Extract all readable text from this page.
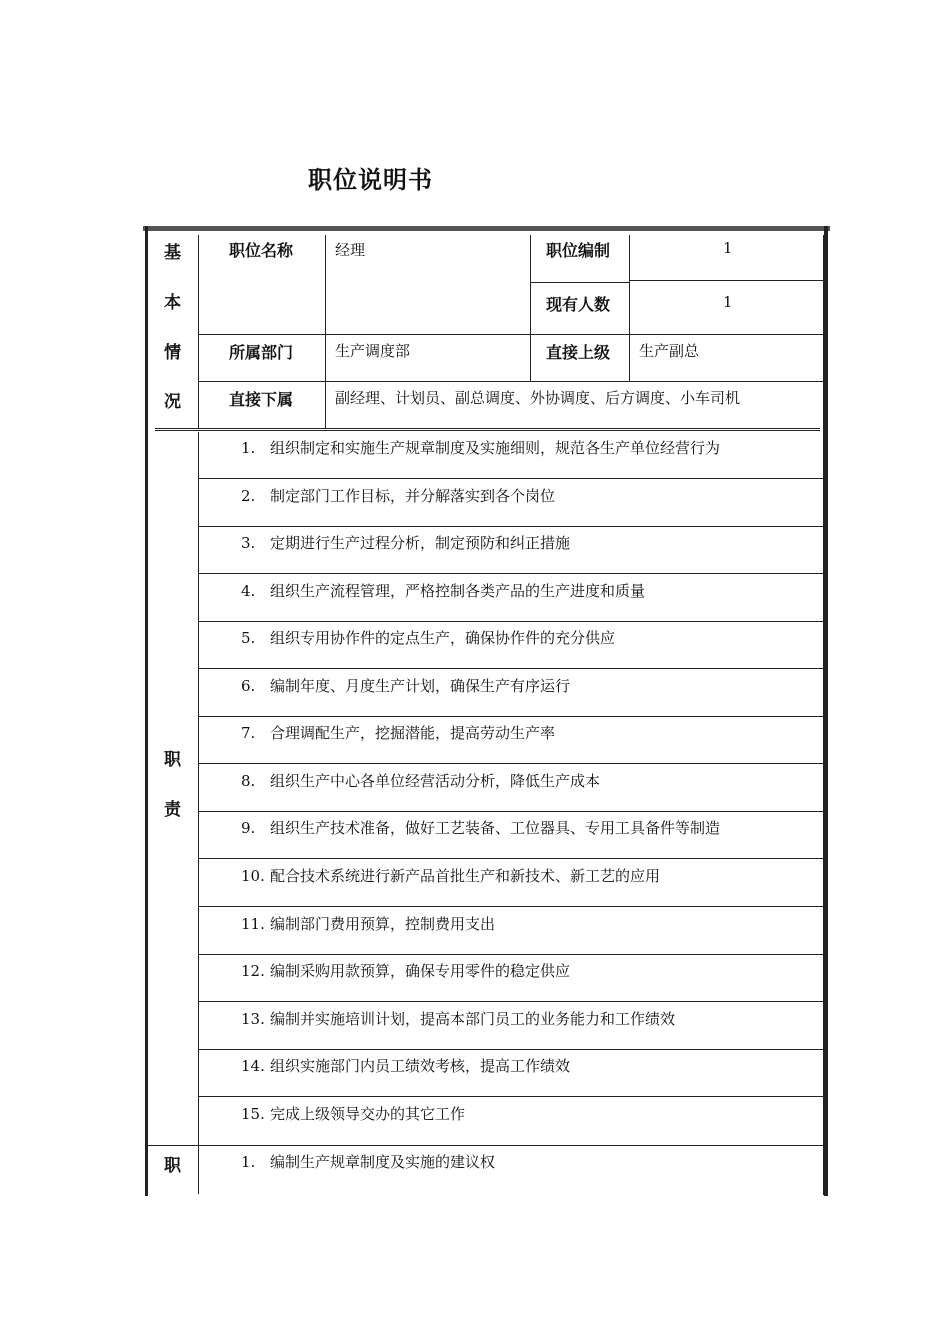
职位说明书
基
本
情
况
职位名称	经理	职位编制	1
现有人数	1
所属部门	生产调度部	直接上级 生产副总
直接下属	副经理、计划员、副总调度、外协调度、后方调度、小车司机
职
责
1. 组织制定和实施生产规章制度及实施细则，规范各生产单位经营行为
2. 制定部门工作目标，并分解落实到各个岗位
3. 定期进行生产过程分析，制定预防和纠正措施
4. 组织生产流程管理，严格控制各类产品的生产进度和质量
5. 组织专用协作件的定点生产，确保协作件的充分供应
6. 编制年度、月度生产计划，确保生产有序运行
7. 合理调配生产，挖掘潜能，提高劳动生产率
8. 组织生产中心各单位经营活动分析，降低生产成本
9. 组织生产技术准备，做好工艺装备、工位器具、专用工具备件等制造
10. 配合技术系统进行新产品首批生产和新技术、新工艺的应用
11. 编制部门费用预算，控制费用支出
12. 编制采购用款预算，确保专用零件的稳定供应
13. 编制并实施培训计划，提高本部门员工的业务能力和工作绩效
14. 组织实施部门内员工绩效考核，提高工作绩效
15. 完成上级领导交办的其它工作
职	1. 编制生产规章制度及实施的建议权
